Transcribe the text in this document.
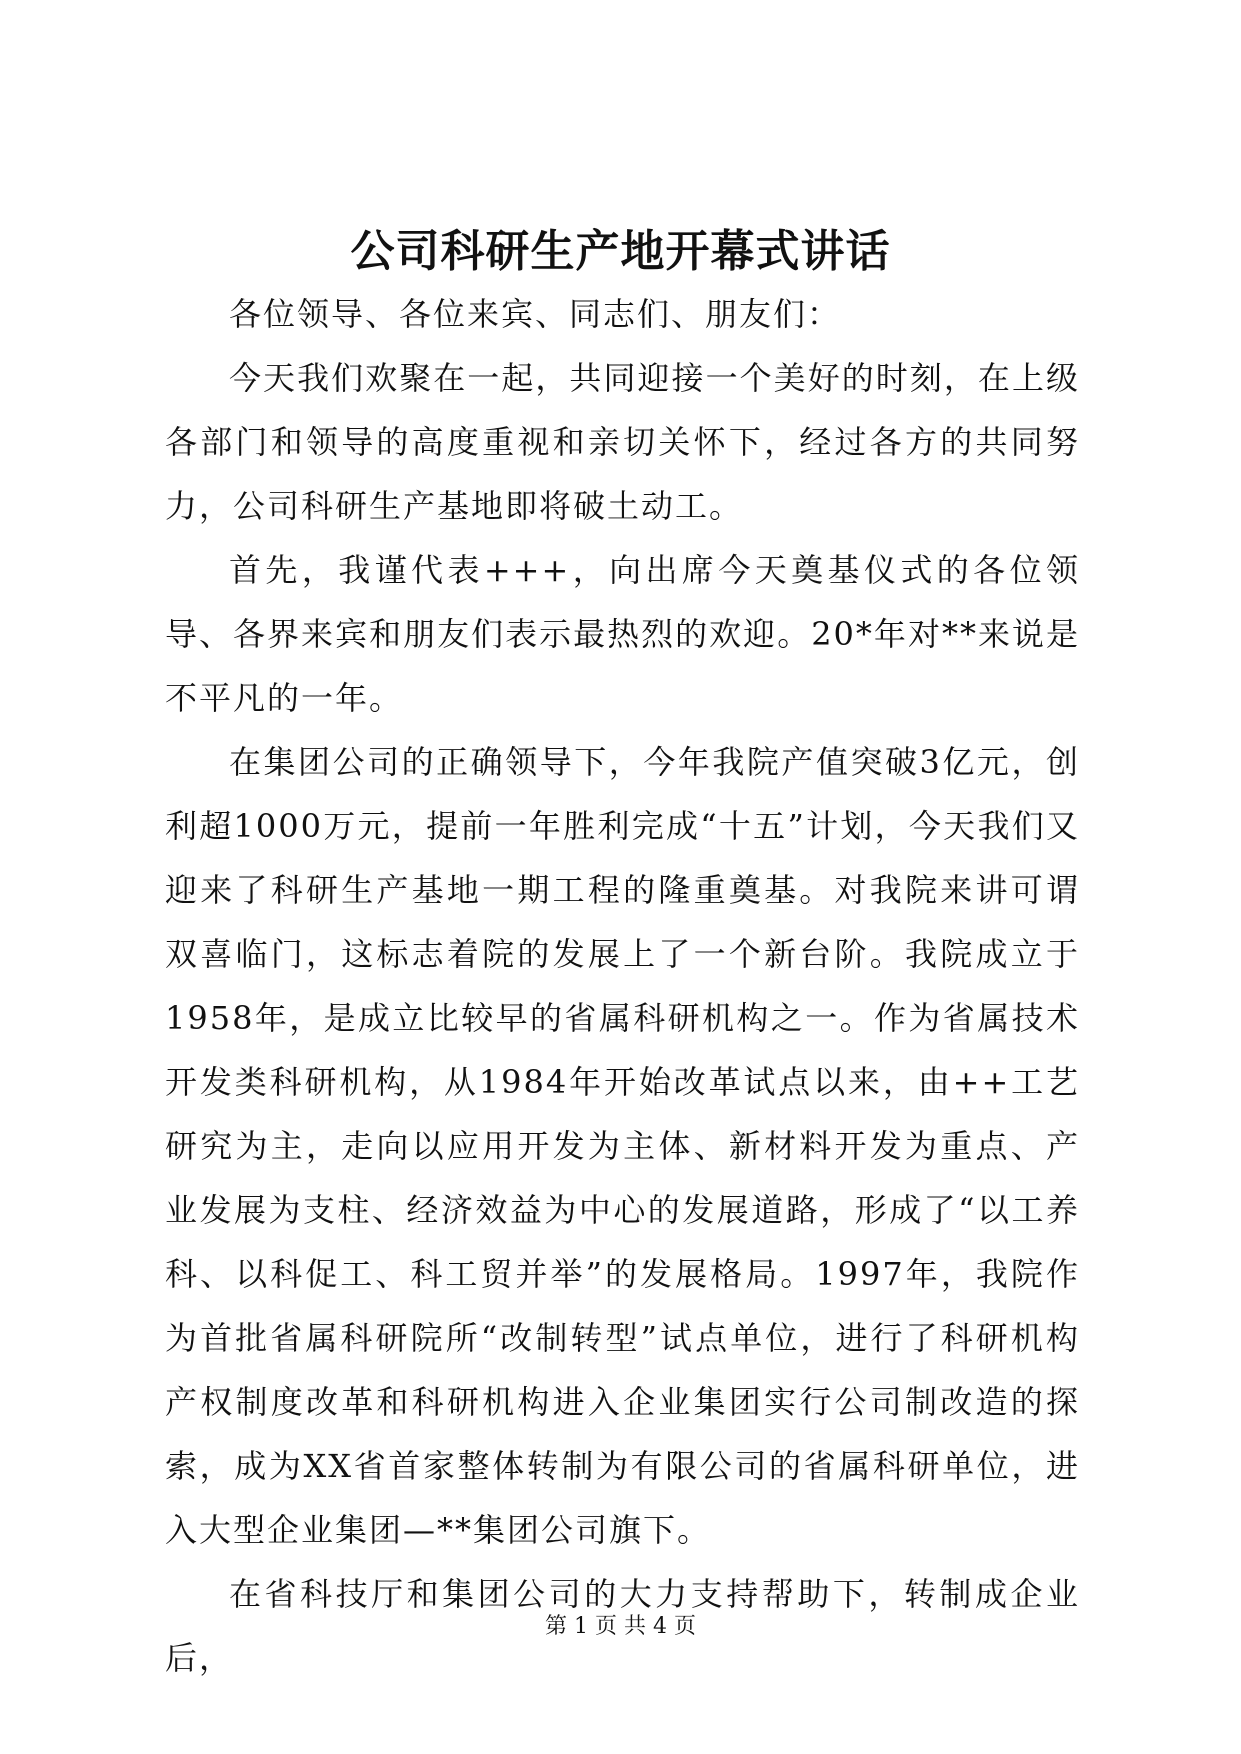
公司科研生产地开幕式讲话

各位领导、各位来宾、同志们、朋友们：

今天我们欢聚在一起，共同迎接一个美好的时刻，在上级各部门和领导的高度重视和亲切关怀下，经过各方的共同努力，公司科研生产基地即将破土动工。

首先，我谨代表+++，向出席今天奠基仪式的各位领导、各界来宾和朋友们表示最热烈的欢迎。20*年对**来说是不平凡的一年。

在集团公司的正确领导下，今年我院产值突破3亿元，创利超1000万元，提前一年胜利完成“十五”计划，今天我们又迎来了科研生产基地一期工程的隆重奠基。对我院来讲可谓双喜临门，这标志着院的发展上了一个新台阶。我院成立于1958年，是成立比较早的省属科研机构之一。作为省属技术开发类科研机构，从1984年开始改革试点以来，由++工艺研究为主，走向以应用开发为主体、新材料开发为重点、产业发展为支柱、经济效益为中心的发展道路，形成了“以工养科、以科促工、科工贸并举”的发展格局。1997年，我院作为首批省属科研院所“改制转型”试点单位，进行了科研机构产权制度改革和科研机构进入企业集团实行公司制改造的探索，成为XX省首家整体转制为有限公司的省属科研单位，进入大型企业集团—**集团公司旗下。

在省科技厅和集团公司的大力支持帮助下，转制成企业后，

第 1 页 共 4 页
